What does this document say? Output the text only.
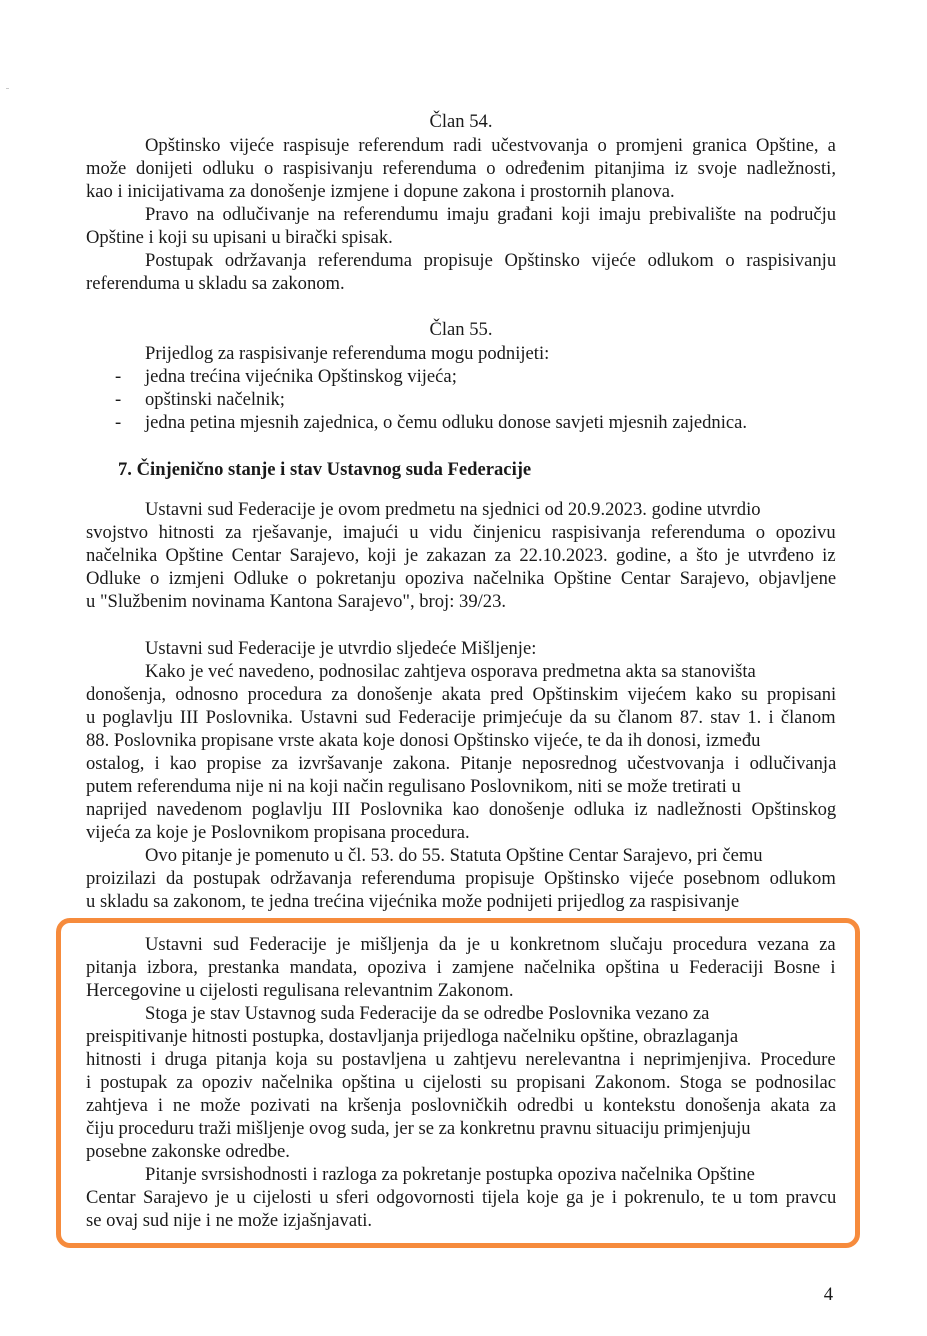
Član 54.
Opštinsko vijeće raspisuje referendum radi učestvovanja o promjeni granica Opštine, a
može donijeti odluku o raspisivanju referenduma o određenim pitanjima iz svoje nadležnosti,
kao i inicijativama za donošenje izmjene i dopune zakona i prostornih planova.
Pravo na odlučivanje na referendumu imaju građani koji imaju prebivalište na području
Opštine i koji su upisani u birački spisak.
Postupak održavanja referenduma propisuje Opštinsko vijeće odlukom o raspisivanju
referenduma u skladu sa zakonom.
Član 55.
Prijedlog za raspisivanje referenduma mogu podnijeti:
- jedna trećina vijećnika Opštinskog vijeća;
- opštinski načelnik;
- jedna petina mjesnih zajednica, o čemu odluku donose savjeti mjesnih zajednica.
7. Činjenično stanje i stav Ustavnog suda Federacije
Ustavni sud Federacije je ovom predmetu na sjednici od 20.9.2023. godine utvrdio
svojstvo hitnosti za rješavanje, imajući u vidu činjenicu raspisivanja referenduma o opozivu
načelnika Opštine Centar Sarajevo, koji je zakazan za 22.10.2023. godine, a što je utvrđeno iz
Odluke o izmjeni Odluke o pokretanju opoziva načelnika Opštine Centar Sarajevo, objavljene
u "Službenim novinama Kantona Sarajevo", broj: 39/23.
Ustavni sud Federacije je utvrdio sljedeće Mišljenje:
Kako je već navedeno, podnosilac zahtjeva osporava predmetna akta sa stanovišta
donošenja, odnosno procedura za donošenje akata pred Opštinskim vijećem kako su propisani
u poglavlju III Poslovnika. Ustavni sud Federacije primjećuje da su članom 87. stav 1. i članom
88. Poslovnika propisane vrste akata koje donosi Opštinsko vijeće, te da ih donosi, između
ostalog, i kao propise za izvršavanje zakona. Pitanje neposrednog učestvovanja i odlučivanja
putem referenduma nije ni na koji način regulisano Poslovnikom, niti se može tretirati u
naprijed navedenom poglavlju III Poslovnika kao donošenje odluka iz nadležnosti Opštinskog
vijeća za koje je Poslovnikom propisana procedura.
Ovo pitanje je pomenuto u čl. 53. do 55. Statuta Opštine Centar Sarajevo, pri čemu
proizilazi da postupak održavanja referenduma propisuje Opštinsko vijeće posebnom odlukom
u skladu sa zakonom, te jedna trećina vijećnika može podnijeti prijedlog za raspisivanje
Ustavni sud Federacije je mišljenja da je u konkretnom slučaju procedura vezana za
pitanja izbora, prestanka mandata, opoziva i zamjene načelnika opština u Federaciji Bosne i
Hercegovine u cijelosti regulisana relevantnim Zakonom.
Stoga je stav Ustavnog suda Federacije da se odredbe Poslovnika vezano za
preispitivanje hitnosti postupka, dostavljanja prijedloga načelniku opštine, obrazlaganja
hitnosti i druga pitanja koja su postavljena u zahtjevu nerelevantna i neprimjenjiva. Procedure
i postupak za opoziv načelnika opština u cijelosti su propisani Zakonom. Stoga se podnosilac
zahtjeva i ne može pozivati na kršenja poslovničkih odredbi u kontekstu donošenja akata za
čiju proceduru traži mišljenje ovog suda, jer se za konkretnu pravnu situaciju primjenjuju
posebne zakonske odredbe.
Pitanje svrsishodnosti i razloga za pokretanje postupka opoziva načelnika Opštine
Centar Sarajevo je u cijelosti u sferi odgovornosti tijela koje ga je i pokrenulo, te u tom pravcu
se ovaj sud nije i ne može izjašnjavati.
4
